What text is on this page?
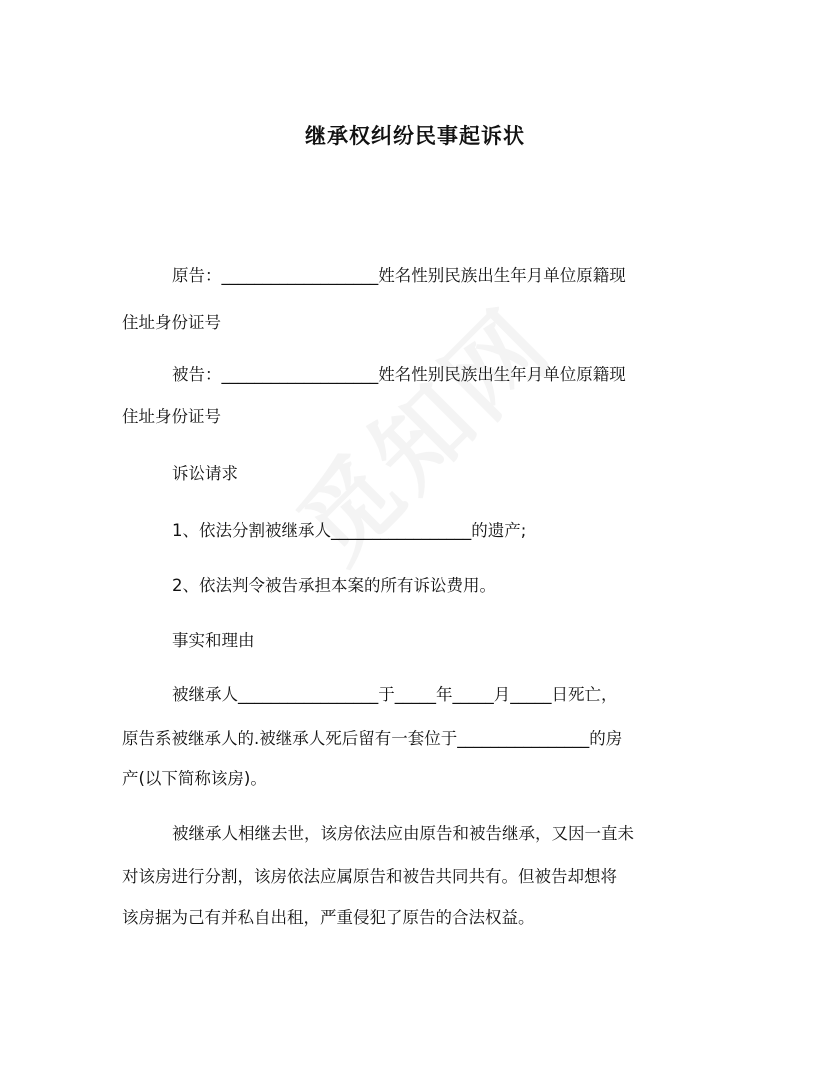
继承权纠纷民事起诉状
原告：___________________姓名性别民族出生年月单位原籍现
住址身份证号
被告：___________________姓名性别民族出生年月单位原籍现
住址身份证号
诉讼请求
1、依法分割被继承人_________________的遗产;
2、依法判令被告承担本案的所有诉讼费用。
事实和理由
被继承人_________________于_____年_____月_____日死亡，
原告系被继承人的.被继承人死后留有一套位于________________的房
产(以下简称该房)。
被继承人相继去世，该房依法应由原告和被告继承，又因一直未
对该房进行分割，该房依法应属原告和被告共同共有。但被告却想将
该房据为己有并私自出租，严重侵犯了原告的合法权益。
